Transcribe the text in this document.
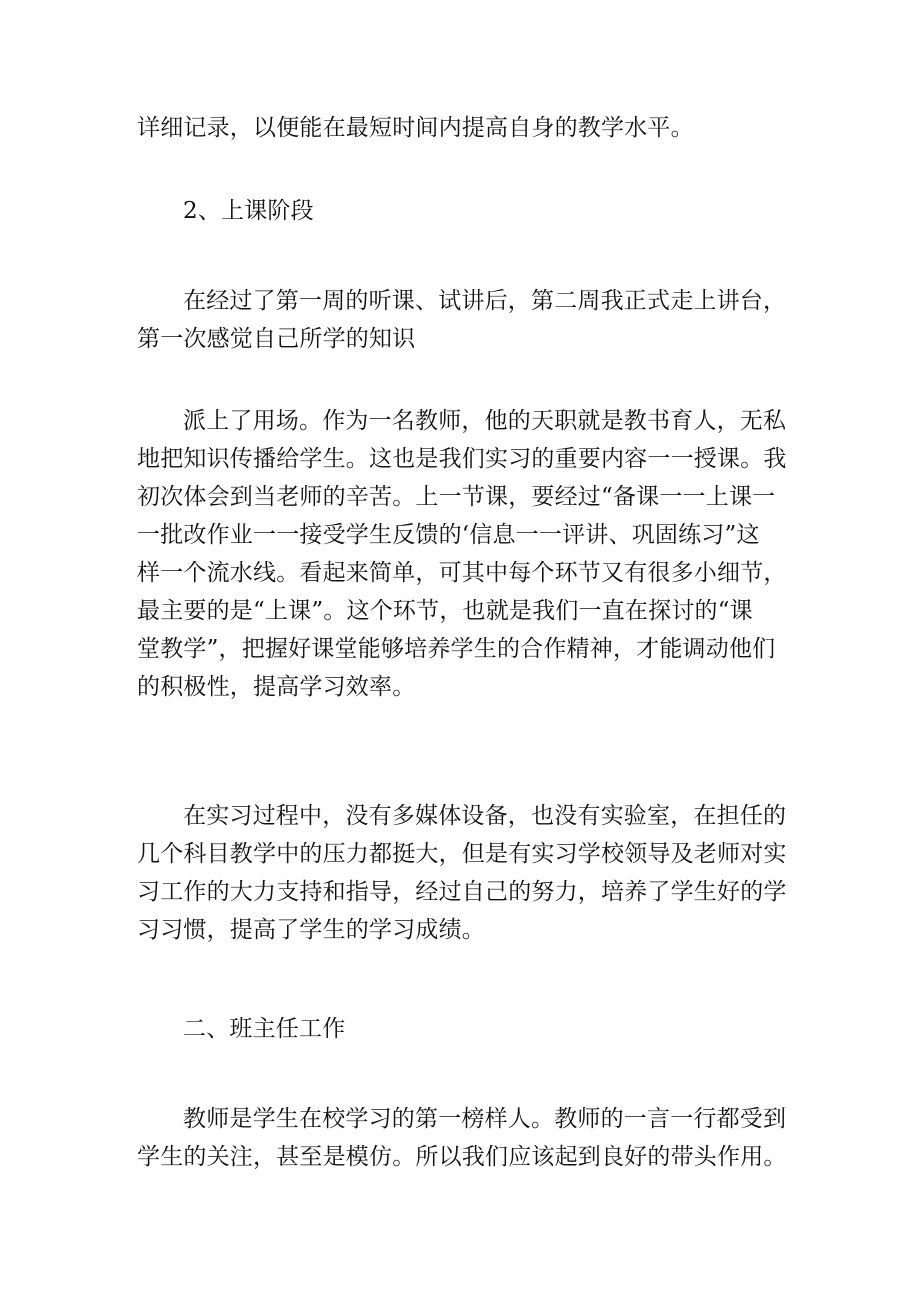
详细记录，以便能在最短时间内提高自身的教学水平。
2、上课阶段
在经过了第一周的听课、试讲后，第二周我正式走上讲台，
第一次感觉自己所学的知识
派上了用场。作为一名教师，他的天职就是教书育人，无私
地把知识传播给学生。这也是我们实习的重要内容一一授课。我
初次体会到当老师的辛苦。上一节课，要经过“备课一一上课一
一批改作业一一接受学生反馈的‘信息一一评讲、巩固练习”这
样一个流水线。看起来简单，可其中每个环节又有很多小细节，
最主要的是“上课”。这个环节，也就是我们一直在探讨的“课
堂教学”，把握好课堂能够培养学生的合作精神，才能调动他们
的积极性，提高学习效率。
在实习过程中，没有多媒体设备，也没有实验室，在担任的
几个科目教学中的压力都挺大，但是有实习学校领导及老师对实
习工作的大力支持和指导，经过自己的努力，培养了学生好的学
习习惯，提高了学生的学习成绩。
二、班主任工作
教师是学生在校学习的第一榜样人。教师的一言一行都受到
学生的关注，甚至是模仿。所以我们应该起到良好的带头作用。
